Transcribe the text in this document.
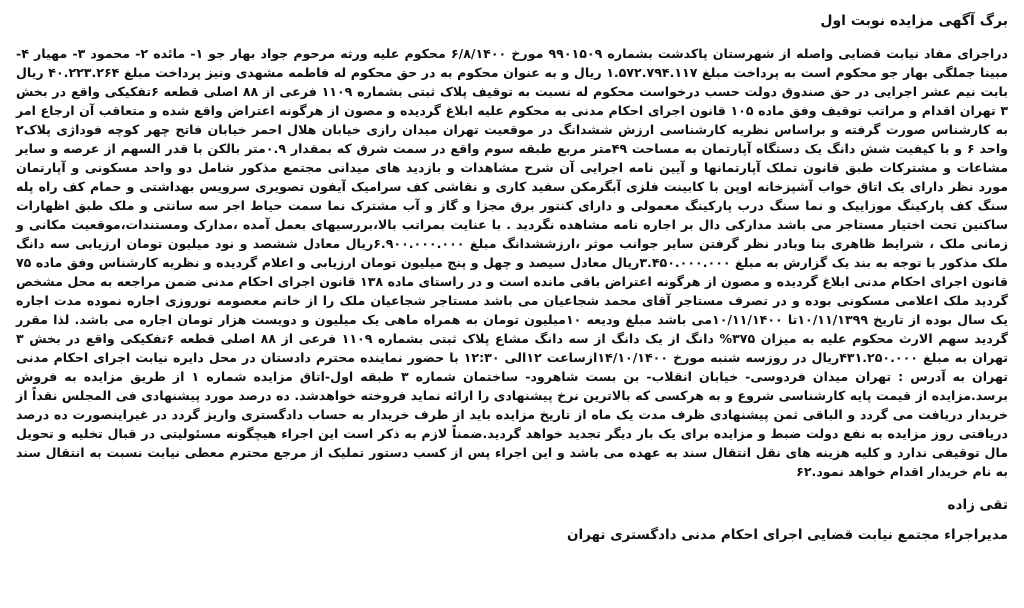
برگ آگهی مزایده نوبت اول

دراجرای مفاد نیابت قضایی واصله از شهرستان پاکدشت بشماره ۹۹۰۱۵۰۹ مورخ ۶/۸/۱۴۰۰ محکوم علیه ورثه مرحوم جواد بهار جو ۱- مائده ۲- محمود ۳- مهیار ۴- مبینا جملگی بهار جو محکوم است به پرداخت مبلغ ۱.۵۷۲.۷۹۴.۱۱۷ ریال و به عنوان محکوم به در حق محکوم له فاطمه مشهدی ونیز پرداخت مبلغ ۴۰.۲۲۳.۲۶۴ ریال بابت نیم عشر اجرایی در حق صندوق دولت حسب درخواست محکوم له نسبت به توقیف پلاک ثبتی بشماره ۱۱۰۹ فرعی از ۸۸ اصلی قطعه ۶تفکیکی واقع در بخش ۳ تهران اقدام و مراتب توقیف وفق ماده ۱۰۵ قانون اجرای احکام مدنی به محکوم علیه ابلاغ گردیده و مصون از هرگونه اعتراض واقع شده و متعاقب آن ارجاع امر به کارشناس صورت گرفته و براساس نظریه کارشناسی ارزش ششدانگ در موقعیت تهران میدان رازی خیابان هلال احمر خیابان فاتح چهر کوچه فوداژی پلاک۲ واحد ۶ و با کیفیت شش دانگ یک دستگاه آپارتمان به مساحت ۴۹متر مربع طبقه سوم واقع در سمت شرق که بمقدار ۰.۹متر بالکن با قدر السهم از عرصه و سایر مشاعات و مشترکات طبق قانون تملک آپارتمانها و آیین نامه اجرایی آن شرح مشاهدات و بازدید های میدانی مجتمع مذکور شامل دو واحد مسکونی و آپارتمان مورد نظر دارای یک اتاق خواب آشپزخانه اوپن با کابینت فلزی آبگرمکن سفید کاری و نقاشی کف سرامیک آیفون تصویری سرویس بهداشتی و حمام کف راه پله سنگ کف پارکینگ موزاییک و نما سنگ درب پارکینگ معمولی و دارای کنتور برق مجزا و گاز و آب مشترک نما سمت حیاط اجر سه سانتی و ملک طبق اظهارات ساکنین تحت اختیار مستاجر می باشد مدارکی دال بر اجاره نامه مشاهده نگردید . با عنایت بمراتب بالا،بررسیهای بعمل آمده ،مدارک ومستندات،موقعیت مکانی و زمانی ملک ، شرایط ظاهری بنا وبادر نظر گرفتن سایر جوانب موثر ،ارزششدانگ مبلغ ۶.۹۰۰.۰۰۰.۰۰۰ریال معادل ششصد و نود میلیون تومان ارزیابی سه دانگ ملک مذکور با توجه به بند یک گزارش به مبلغ ۳.۴۵۰.۰۰۰.۰۰۰ریال معادل سیصد و چهل و پنج میلیون تومان ارزیابی و اعلام گردیده و نظریه کارشناس وفق ماده ۷۵ قانون اجرای احکام مدنی ابلاغ گردیده و مصون از هرگونه اعتراض باقی مانده است و در راستای ماده ۱۳۸ قانون اجرای احکام مدنی ضمن مراجعه به محل مشخص گردید ملک اعلامی مسکونی بوده و در تصرف مستاجر آقای محمد شجاعیان می باشد مستاجر شجاعیان ملک را از خانم معصومه نوروزی اجاره نموده مدت اجاره یک سال بوده از تاریخ ۱۰/۱۱/۱۳۹۹تا ۱۰/۱۱/۱۴۰۰می باشد مبلغ ودیعه ۱۰میلیون تومان به همراه ماهی یک میلیون و دویست هزار تومان اجاره می باشد. لذا مقرر گردید سهم الارث محکوم علیه به میزان ۳۷۵% دانگ از یک دانگ از سه دانگ مشاع پلاک ثبتی بشماره ۱۱۰۹ فرعی از ۸۸ اصلی قطعه ۶تفکیکی واقع در بخش ۳ تهران به مبلغ ۴۳۱.۲۵۰.۰۰۰ریال در روزسه شنبه مورخ ۱۴/۱۰/۱۴۰۰ازساعت ۱۲الی ۱۲:۳۰ با حضور نماینده محترم دادستان در محل دایره نیابت اجرای احکام مدنی تهران به آدرس : تهران میدان فردوسی- خیابان انقلاب- بن بست شاهرود- ساختمان شماره ۳ طبقه اول-اتاق مزایده شماره ۱ از طریق مزایده به فروش برسد.مزایده از قیمت پایه کارشناسی شروع و به هرکسی که بالاترین نرخ پیشنهادی را ارائه نماید فروخته خواهدشد. ده درصد مورد پیشنهادی فی المجلس نقداً از خریدار دریافت می گردد و الباقی ثمن پیشنهادی ظرف مدت یک ماه از تاریخ مزایده باید از طرف خریدار به حساب دادگستری واریز گردد در غیراینصورت ده درصد دریافتی روز مزایده به نفع دولت ضبط و مزایده برای یک بار دیگر تجدید خواهد گردید.ضمناً لازم به ذکر است این اجراء هیچگونه مسئولیتی در قبال تخلیه و تحویل مال توقیفی ندارد و کلیه هزینه های نقل انتقال سند به عهده می باشد و این اجراء پس از کسب دستور تملیک از مرجع محترم معطی نیابت نسبت به انتقال سند به نام خریدار اقدام خواهد نمود.۶۲

تقی زاده
مدیراجراء مجتمع نیابت قضایی اجرای احکام مدنی دادگستری تهران
